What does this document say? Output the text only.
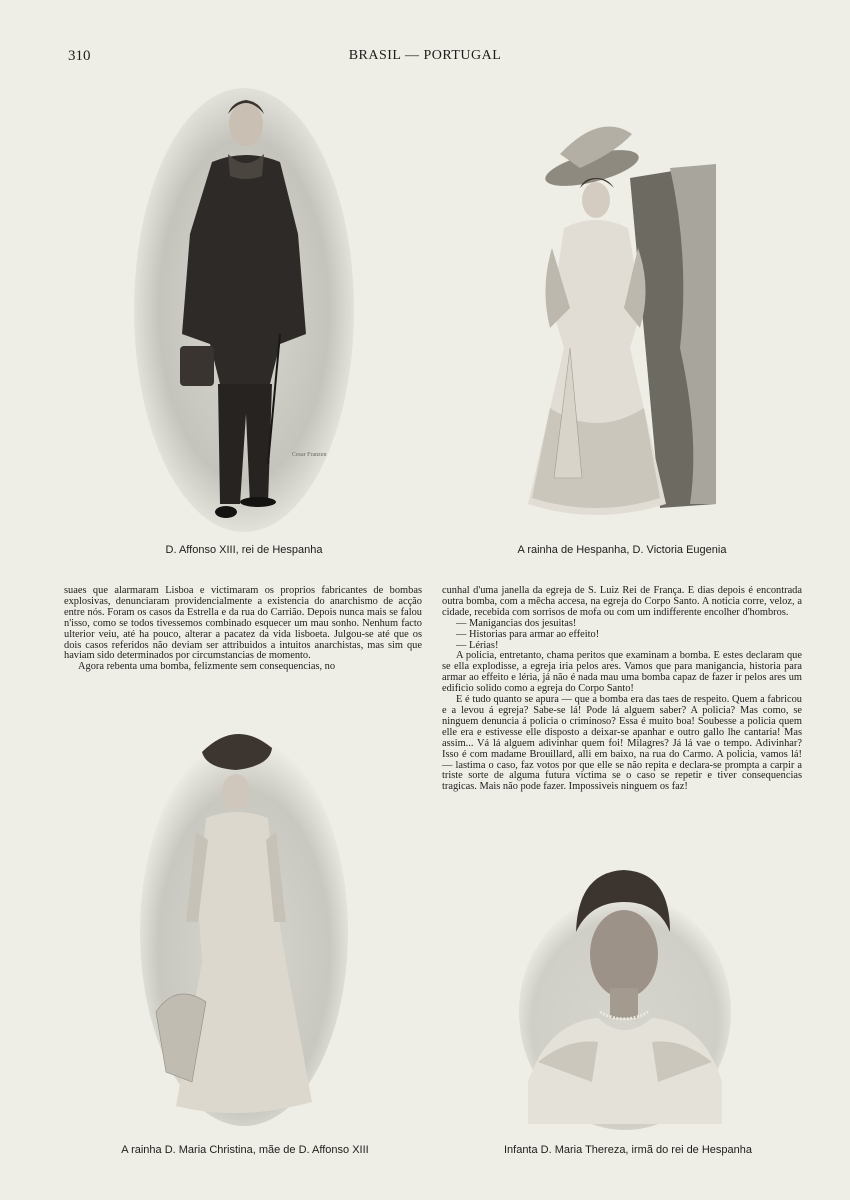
310	BRASIL — PORTUGAL
Cesar Franzen
D. Affonso XIII, rei de Hespanha	A rainha de Hespanha, D. Victoria Eugenia

suaes que alarmaram Lisboa e victimaram os proprios fabricantes de bombas explosivas, denunciaram providencialmente a existencia do anarchismo de acção entre nós. Foram os casos da Estrella e da rua do Carrião. Depois nunca mais se falou n'isso, como se todos tivessemos combinado esquecer um mau sonho. Nenhum facto ulterior veiu, até ha pouco, alterar a pacatez da vida lisboeta. Julgou-se até que os dois casos referidos não deviam ser attribuidos a intuitos anarchistas, mas sim que haviam sido determinados por circumstancias de momento.

Agora rebenta uma bomba, felizmente sem consequencias, no

cunhal d'uma janella da egreja de S. Luiz Rei de França. E dias depois é encontrada outra bomba, com a mêcha accesa, na egreja do Corpo Santo. A noticia corre, veloz, a cidade, recebida com sorrisos de mofa ou com um indifferente encolher d'hombros.

— Manigancias dos jesuitas!

— Historias para armar ao effeito!

— Lérias!

A policia, entretanto, chama peritos que examinam a bomba. E estes declaram que se ella explodisse, a egreja iria pelos ares. Vamos que para manigancia, historia para armar ao effeito e léria, já não é nada mau uma bomba capaz de fazer ir pelos ares um edificio solido como a egreja do Corpo Santo!

E é tudo quanto se apura — que a bomba era das taes de respeito. Quem a fabricou e a levou á egreja? Sabe-se lá! Pode lá alguem saber? A policia? Mas como, se ninguem denuncia á policia o criminoso? Essa é muito boa! Soubesse a policia quem elle era e estivesse elle disposto a deixar-se apanhar e outro gallo lhe cantaria! Mas assim... Vá lá alguem adivinhar quem foi! Milagres? Já lá vae o tempo. Adivinhar? Isso é com madame Brouillard, alli em baixo, na rua do Carmo. A policia, vamos lá! — lastima o caso, faz votos por que elle se não repita e declara-se prompta a carpir a triste sorte de alguma futura victima se o caso se repetir e tiver consequencias tragicas. Mais não pode fazer. Impossiveis ninguem os faz!

A rainha D. Maria Christina, mãe de D. Affonso XIII	Infanta D. Maria Thereza, irmã do rei de Hespanha
